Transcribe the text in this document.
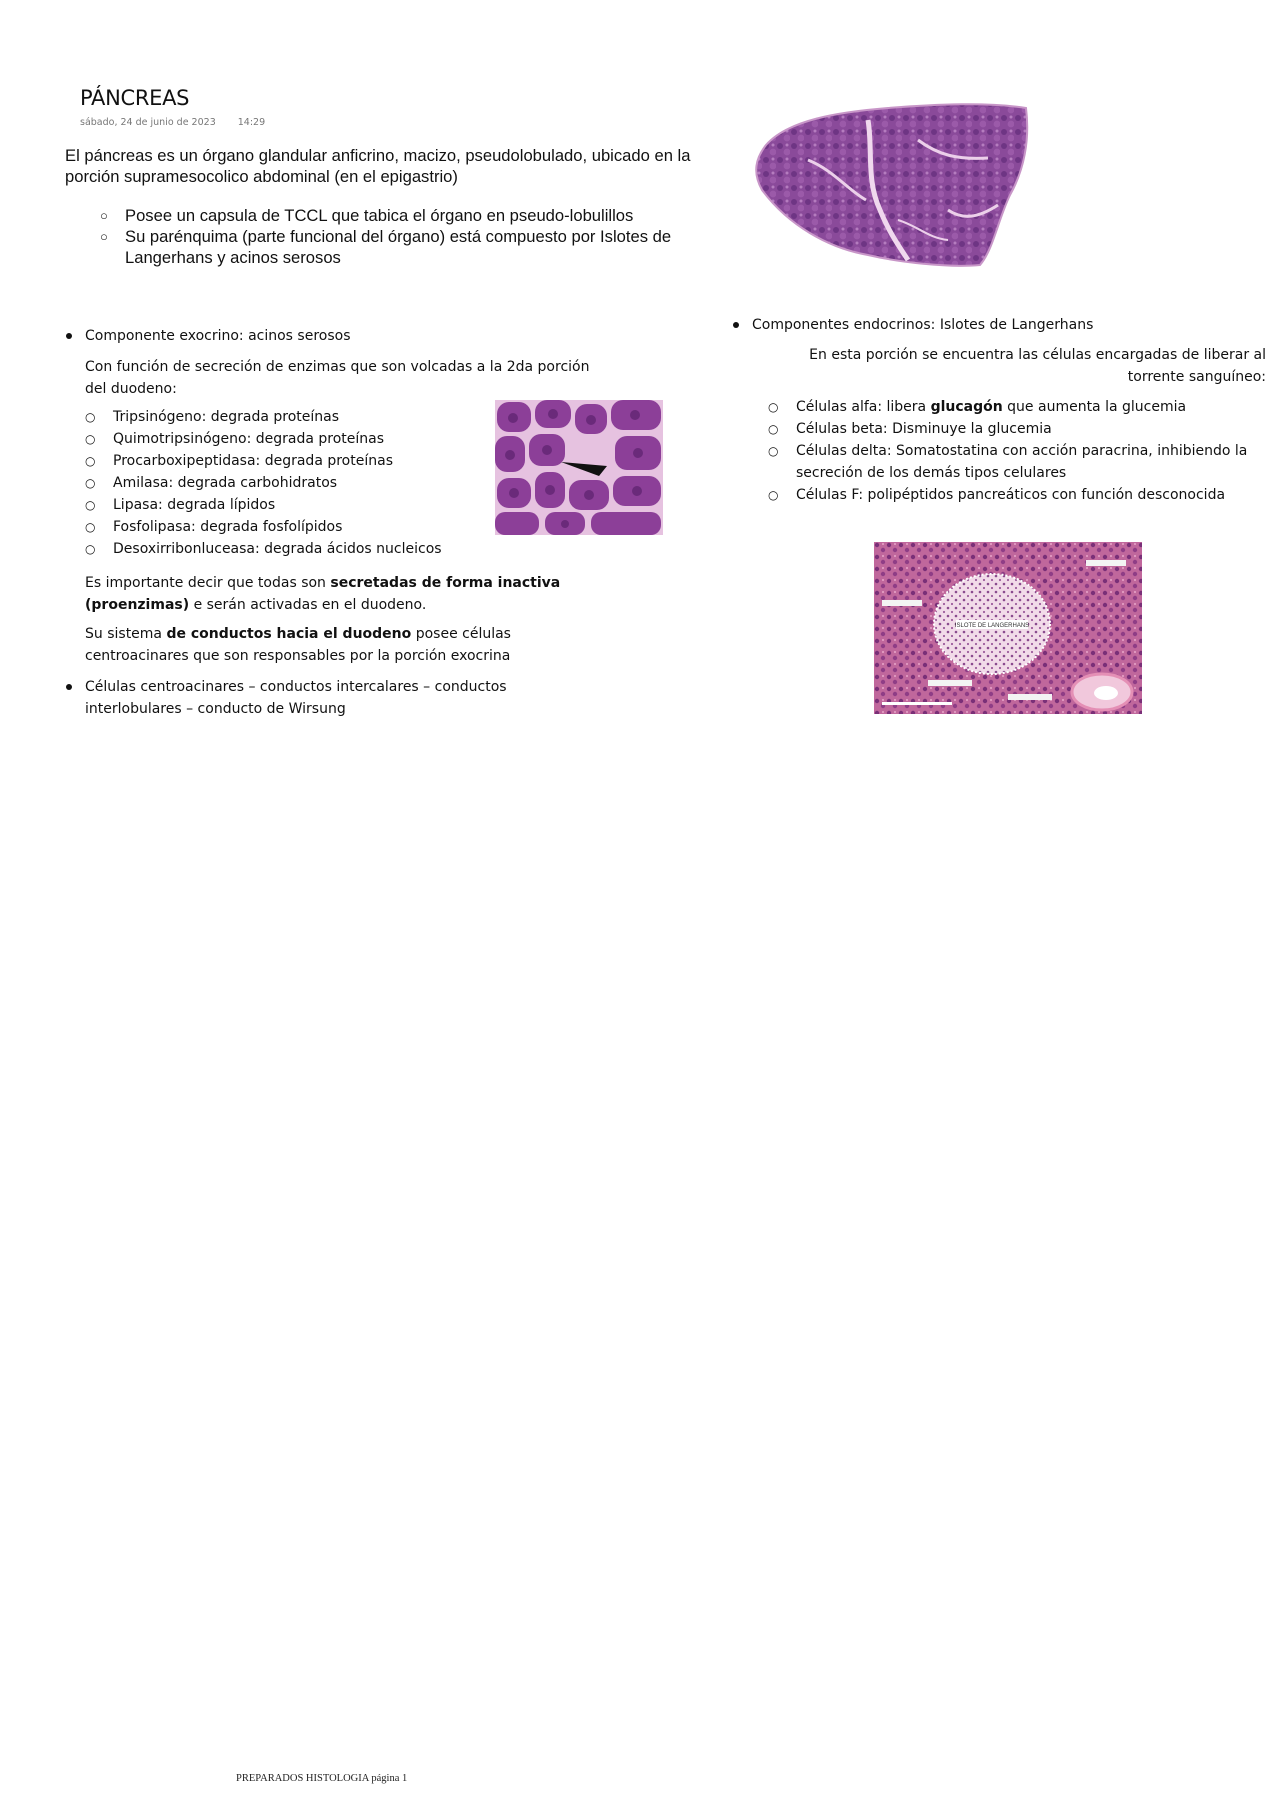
PÁNCREAS
sábado, 24 de junio de 2023 14:29
El páncreas es un órgano glandular anficrino, macizo, pseudolobulado, ubicado en la porción supramesocolico abdominal (en el epigastrio)
○ Posee un capsula de TCCL que tabica el órgano en pseudo-lobulillos
○ Su parénquima (parte funcional del órgano) está compuesto por Islotes de Langerhans y acinos serosos
Componente exocrino: acinos serosos
Con función de secreción de enzimas que son volcadas a la 2da porción del duodeno:
○ Tripsinógeno: degrada proteínas
○ Quimotripsinógeno: degrada proteínas
○ Procarboxipeptidasa: degrada proteínas
○ Amilasa: degrada carbohidratos
○ Lipasa: degrada lípidos
○ Fosfolipasa: degrada fosfolípidos
○ Desoxirribonluceasa: degrada ácidos nucleicos
Es importante decir que todas son secretadas de forma inactiva (proenzimas) e serán activadas en el duodeno.
Su sistema de conductos hacia el duodeno posee células centroacinares que son responsables por la porción exocrina
Células centroacinares – conductos intercalares – conductos interlobulares – conducto de Wirsung
Componentes endocrinos: Islotes de Langerhans
En esta porción se encuentra las células encargadas de liberar al torrente sanguíneo:
○ Células alfa: libera glucagón que aumenta la glucemia
○ Células beta: Disminuye la glucemia
○ Células delta: Somatostatina con acción paracrina, inhibiendo la secreción de los demás tipos celulares
○ Células F: polipéptidos pancreáticos con función desconocida
ISLOTE DE LANGERHANS
PREPARADOS HISTOLOGIA página 1
